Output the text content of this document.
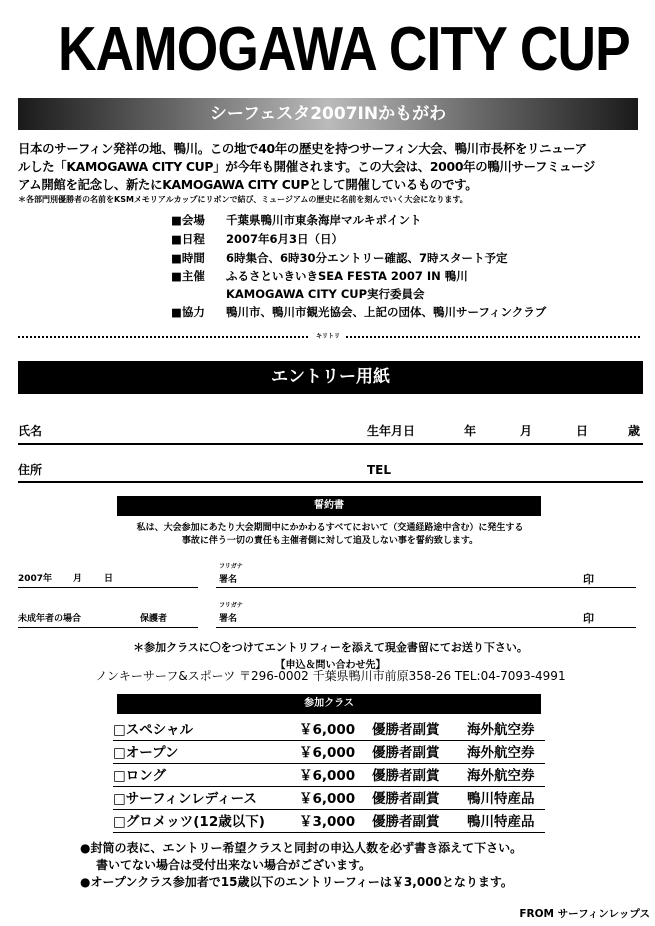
KAMOGAWA CITY CUP
シーフェスタ2007INかもがわ
日本のサーフィン発祥の地、鴨川。この地で40年の歴史を持つサーフィン大会、鴨川市長杯をリニューア
ルした「KAMOGAWA CITY CUP」が今年も開催されます。この大会は、2000年の鴨川サーフミュージ
アム開館を記念し、新たにKAMOGAWA CITY CUPとして開催しているものです。
＊各部門別優勝者の名前をKSMメモリアルカップにリボンで結び、ミュージアムの歴史に名前を刻んでいく大会になります。
■会場 千葉県鴨川市東条海岸マルキポイント
■日程 2007年6月3日（日）
■時間 6時集合、6時30分エントリー確認、7時スタート予定
■主催 ふるさといきいきSEA FESTA 2007 IN 鴨川
KAMOGAWA CITY CUP実行委員会
■協力 鴨川市、鴨川市観光協会、上記の団体、鴨川サーフィンクラブ
キリトリ
エントリー用紙
氏名	生年月日	年	月	日	歳
住所	TEL
誓約書
私は、大会参加にあたり大会期間中にかかわるすべてにおいて（交通経路途中含む）に発生する
事故に伴う一切の責任も主催者側に対して追及しない事を誓約致します。
2007年 月 日
フリガナ
署名	印
未成年者の場合	保護者
フリガナ
署名	印
＊参加クラスに〇をつけてエントリフィーを添えて現金書留にてお送り下さい。
【申込＆問い合わせ先】
ノンキーサーフ&スポーツ 〒296-0002 千葉県鴨川市前原358-26 TEL:04-7093-4991
参加クラス
□スペシャル	￥6,000 優勝者副賞 海外航空券
□オープン	￥6,000 優勝者副賞 海外航空券
□ロング	￥6,000 優勝者副賞 海外航空券
□サーフィンレディース	￥6,000 優勝者副賞 鴨川特産品
□グロメッツ(12歳以下)	￥3,000 優勝者副賞 鴨川特産品
●封筒の表に、エントリー希望クラスと同封の申込人数を必ず書き添えて下さい。
書いてない場合は受付出来ない場合がございます。
●オープンクラス参加者で15歳以下のエントリーフィーは￥3,000となります。
FROM サーフィンレップス
